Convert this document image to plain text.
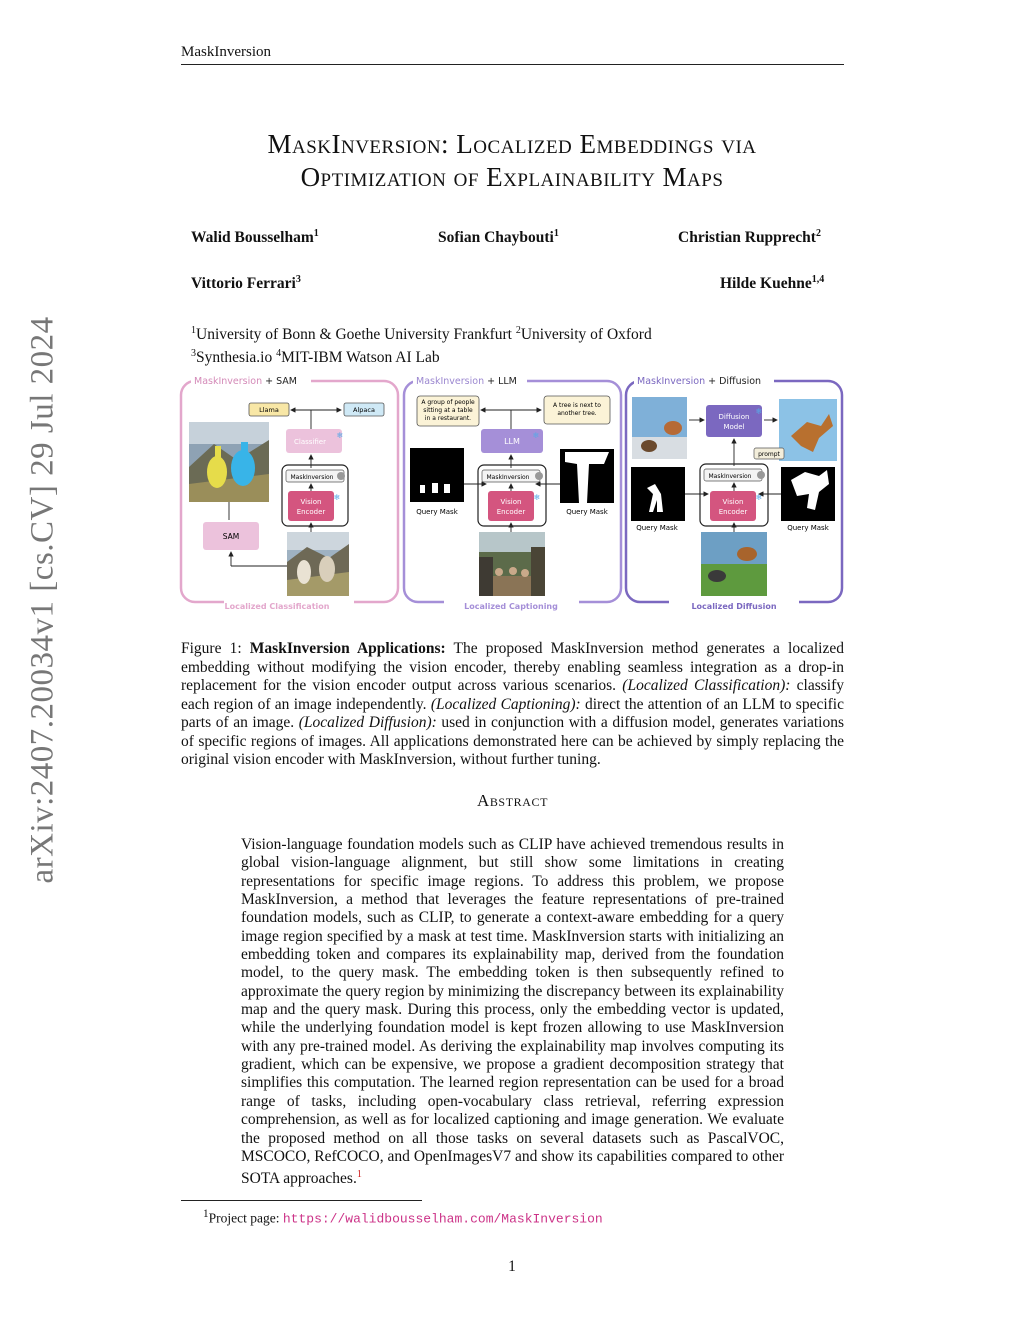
MaskInversion
MaskInversion: Localized Embeddings via
Optimization of Explainability Maps
Walid Bousselham$^1$	Sofian Chaybouti$^1$	Christian Rupprecht$^2$
Vittorio Ferrari$^3$	Hilde Kuehne$^{1,4}$
$^1$University of Bonn & Goethe University Frankfurt $^2$University of Oxford
$^3$Synthesia.io $^4$MIT-IBM Watson AI Lab
arXiv:2407.20034v1 [cs.CV] 29 Jul 2024	MaskInversion + SAM
Localized Classification
Llama	Alpaca
Classifier
❄
MaskInversion
Vision
Encoder
❄
SAM
MaskInversion + LLM
Localized Captioning
A group of people
sitting at a table
in a restaurant.
A tree is next to
another tree.
LLM
❄
MaskInversion
Vision
Encoder
❄
Query Mask	Query Mask
MaskInversion + Diffusion
Localized Diffusion
Diffusion
Model
❄
prompt
MaskInversion
Vision
Encoder
❄
Query Mask	Query Mask
Figure 1: MaskInversion Applications: The proposed MaskInversion method generates a localized embedding without modifying the vision encoder, thereby enabling seamless integration as a drop-in replacement for the vision encoder output across various scenarios. (Localized Classification): classify each region of an image independently. (Localized Captioning): direct the attention of an LLM to specific parts of an image. (Localized Diffusion): used in conjunction with a diffusion model, generates variations of specific regions of images. All applications demonstrated here can be achieved by simply replacing the original vision encoder with MaskInversion, without further tuning.
Abstract
Vision-language foundation models such as CLIP have achieved tremendous results in global vision-language alignment, but still show some limitations in creating representations for specific image regions. To address this problem, we propose MaskInversion, a method that leverages the feature representations of pre-trained foundation models, such as CLIP, to generate a context-aware embedding for a query image region specified by a mask at test time. MaskInversion starts with initializing an embedding token and compares its explainability map, derived from the foundation model, to the query mask. The embedding token is then subsequently refined to approximate the query region by minimizing the discrepancy between its explainability map and the query mask. During this process, only the embedding vector is updated, while the underlying foundation model is kept frozen allowing to use MaskInversion with any pre-trained model. As deriving the explainability map involves computing its gradient, which can be expensive, we propose a gradient decomposition strategy that simplifies this computation. The learned region representation can be used for a broad range of tasks, including open-vocabulary class retrieval, referring expression comprehension, as well as for localized captioning and image generation. We evaluate the proposed method on all those tasks on several datasets such as PascalVOC, MSCOCO, RefCOCO, and OpenImagesV7 and show its capabilities compared to other SOTA approaches.$^1$
$^1$Project page: https://walidbousselham.com/MaskInversion
1
